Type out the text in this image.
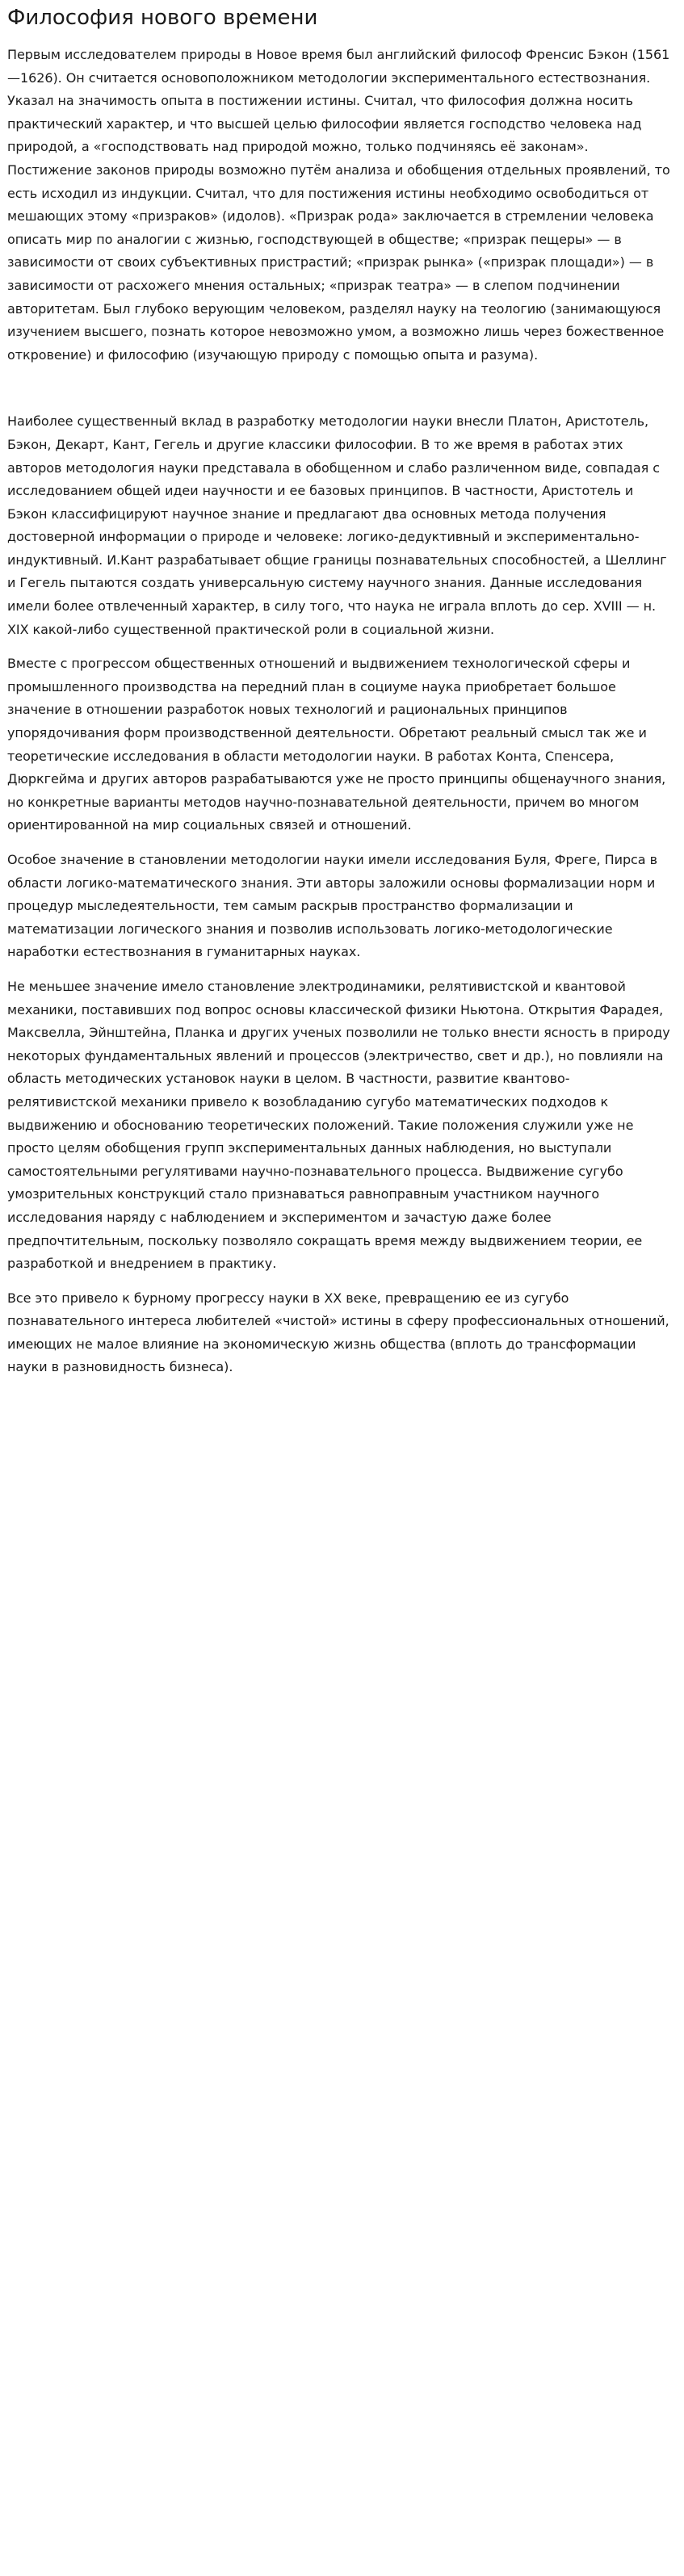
Философия нового времени

Первым исследователем природы в Новое время был английский философ Френсис Бэкон (1561—1626). Он считается основоположником методологии экспериментального естествознания. Указал на значимость опыта в постижении истины. Считал, что философия должна носить практический характер, и что высшей целью философии является господство человека над природой, а «господствовать над природой можно, только подчиняясь её законам». Постижение законов природы возможно путём анализа и обобщения отдельных проявлений, то есть исходил из индукции. Считал, что для постижения истины необходимо освободиться от мешающих этому «призраков» (идолов). «Призрак рода» заключается в стремлении человека описать мир по аналогии с жизнью, господствующей в обществе; «призрак пещеры» — в зависимости от своих субъективных пристрастий; «призрак рынка» («призрак площади») — в зависимости от расхожего мнения остальных; «призрак театра» — в слепом подчинении авторитетам. Был глубоко верующим человеком, разделял науку на теологию (занимающуюся изучением высшего, познать которое невозможно умом, а возможно лишь через божественное откровение) и философию (изучающую природу с помощью опыта и разума).

Наиболее существенный вклад в разработку методологии науки внесли Платон, Аристотель, Бэкон, Декарт, Кант, Гегель и другие классики философии. В то же время в работах этих авторов методология науки представала в обобщенном и слабо различенном виде, совпадая с исследованием общей идеи научности и ее базовых принципов. В частности, Аристотель и Бэкон классифицируют научное знание и предлагают два основных метода получения достоверной информации о природе и человеке: логико-дедуктивный и экспериментально-индуктивный. И.Кант разрабатывает общие границы познавательных способностей, а Шеллинг и Гегель пытаются создать универсальную систему научного знания. Данные исследования имели более отвлеченный характер, в силу того, что наука не играла вплоть до сер. XVIII — н. XIX какой-либо существенной практической роли в социальной жизни.

Вместе с прогрессом общественных отношений и выдвижением технологической сферы и промышленного производства на передний план в социуме наука приобретает большое значение в отношении разработок новых технологий и рациональных принципов упорядочивания форм производственной деятельности. Обретают реальный смысл так же и теоретические исследования в области методологии науки. В работах Конта, Спенсера, Дюркгейма и других авторов разрабатываются уже не просто принципы общенаучного знания, но конкретные варианты методов научно-познавательной деятельности, причем во многом ориентированной на мир социальных связей и отношений.

Особое значение в становлении методологии науки имели исследования Буля, Фреге, Пирса в области логико-математического знания. Эти авторы заложили основы формализации норм и процедур мыследеятельности, тем самым раскрыв пространство формализации и математизации логического знания и позволив использовать логико-методологические наработки естествознания в гуманитарных науках.

Не меньшее значение имело становление электродинамики, релятивистской и квантовой механики, поставивших под вопрос основы классической физики Ньютона. Открытия Фарадея, Максвелла, Эйнштейна, Планка и других ученых позволили не только внести ясность в природу некоторых фундаментальных явлений и процессов (электричество, свет и др.), но повлияли на область методических установок науки в целом. В частности, развитие квантово-релятивистской механики привело к возобладанию сугубо математических подходов к выдвижению и обоснованию теоретических положений. Такие положения служили уже не просто целям обобщения групп экспериментальных данных наблюдения, но выступали самостоятельными регулятивами научно-познавательного процесса. Выдвижение сугубо умозрительных конструкций стало признаваться равноправным участником научного исследования наряду с наблюдением и экспериментом и зачастую даже более предпочтительным, поскольку позволяло сокращать время между выдвижением теории, ее разработкой и внедрением в практику.

Все это привело к бурному прогрессу науки в XX веке, превращению ее из сугубо познавательного интереса любителей «чистой» истины в сферу профессиональных отношений, имеющих не малое влияние на экономическую жизнь общества (вплоть до трансформации науки в разновидность бизнеса).
